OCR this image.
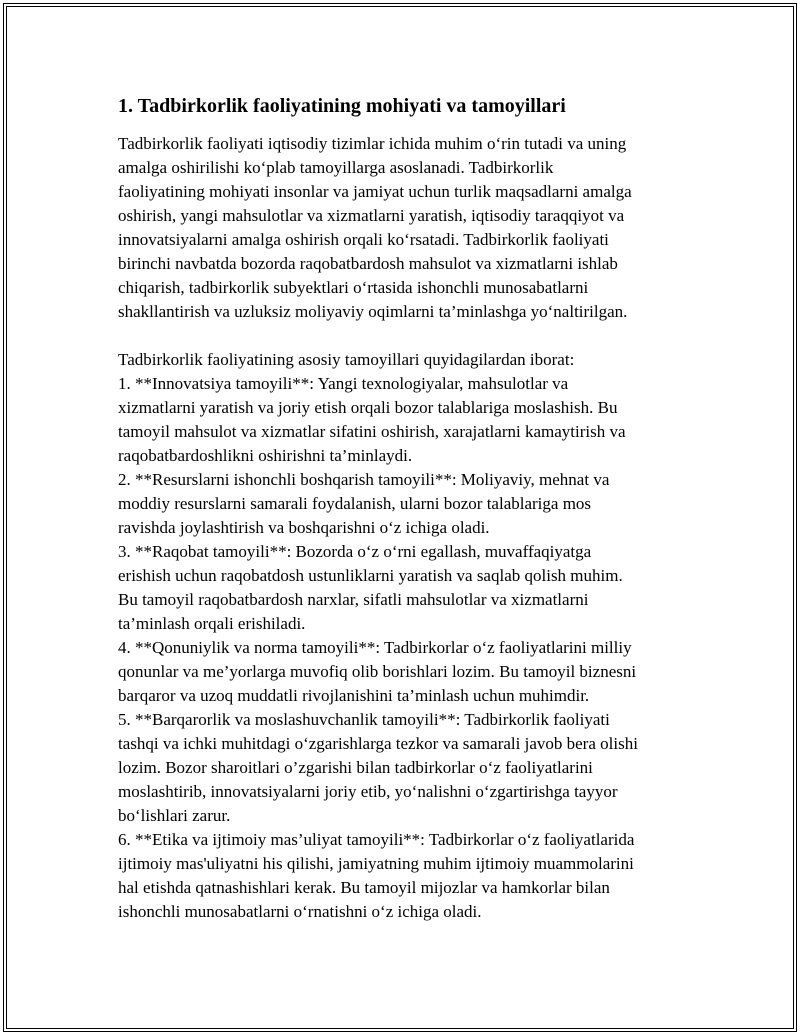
1. Tadbirkorlik faoliyatining mohiyati va tamoyillari
Tadbirkorlik faoliyati iqtisodiy tizimlar ichida muhim o‘rin tutadi va uning
amalga oshirilishi ko‘plab tamoyillarga asoslanadi. Tadbirkorlik
faoliyatining mohiyati insonlar va jamiyat uchun turlik maqsadlarni amalga
oshirish, yangi mahsulotlar va xizmatlarni yaratish, iqtisodiy taraqqiyot va
innovatsiyalarni amalga oshirish orqali ko‘rsatadi. Tadbirkorlik faoliyati
birinchi navbatda bozorda raqobatbardosh mahsulot va xizmatlarni ishlab
chiqarish, tadbirkorlik subyektlari o‘rtasida ishonchli munosabatlarni
shakllantirish va uzluksiz moliyaviy oqimlarni ta’minlashga yo‘naltirilgan.
Tadbirkorlik faoliyatining asosiy tamoyillari quyidagilardan iborat:
1. **Innovatsiya tamoyili**: Yangi texnologiyalar, mahsulotlar va
xizmatlarni yaratish va joriy etish orqali bozor talablariga moslashish. Bu
tamoyil mahsulot va xizmatlar sifatini oshirish, xarajatlarni kamaytirish va
raqobatbardoshlikni oshirishni ta’minlaydi.
2. **Resurslarni ishonchli boshqarish tamoyili**: Moliyaviy, mehnat va
moddiy resurslarni samarali foydalanish, ularni bozor talablariga mos
ravishda joylashtirish va boshqarishni o‘z ichiga oladi.
3. **Raqobat tamoyili**: Bozorda o‘z o‘rni egallash, muvaffaqiyatga
erishish uchun raqobatdosh ustunliklarni yaratish va saqlab qolish muhim.
Bu tamoyil raqobatbardosh narxlar, sifatli mahsulotlar va xizmatlarni
ta’minlash orqali erishiladi.
4. **Qonuniylik va norma tamoyili**: Tadbirkorlar o‘z faoliyatlarini milliy
qonunlar va me’yorlarga muvofiq olib borishlari lozim. Bu tamoyil biznesni
barqaror va uzoq muddatli rivojlanishini ta’minlash uchun muhimdir.
5. **Barqarorlik va moslashuvchanlik tamoyili**: Tadbirkorlik faoliyati
tashqi va ichki muhitdagi o‘zgarishlarga tezkor va samarali javob bera olishi
lozim. Bozor sharoitlari o’zgarishi bilan tadbirkorlar o‘z faoliyatlarini
moslashtirib, innovatsiyalarni joriy etib, yo‘nalishni o‘zgartirishga tayyor
bo‘lishlari zarur.
6. **Etika va ijtimoiy mas’uliyat tamoyili**: Tadbirkorlar o‘z faoliyatlarida
ijtimoiy mas'uliyatni his qilishi, jamiyatning muhim ijtimoiy muammolarini
hal etishda qatnashishlari kerak. Bu tamoyil mijozlar va hamkorlar bilan
ishonchli munosabatlarni o‘rnatishni o‘z ichiga oladi.
